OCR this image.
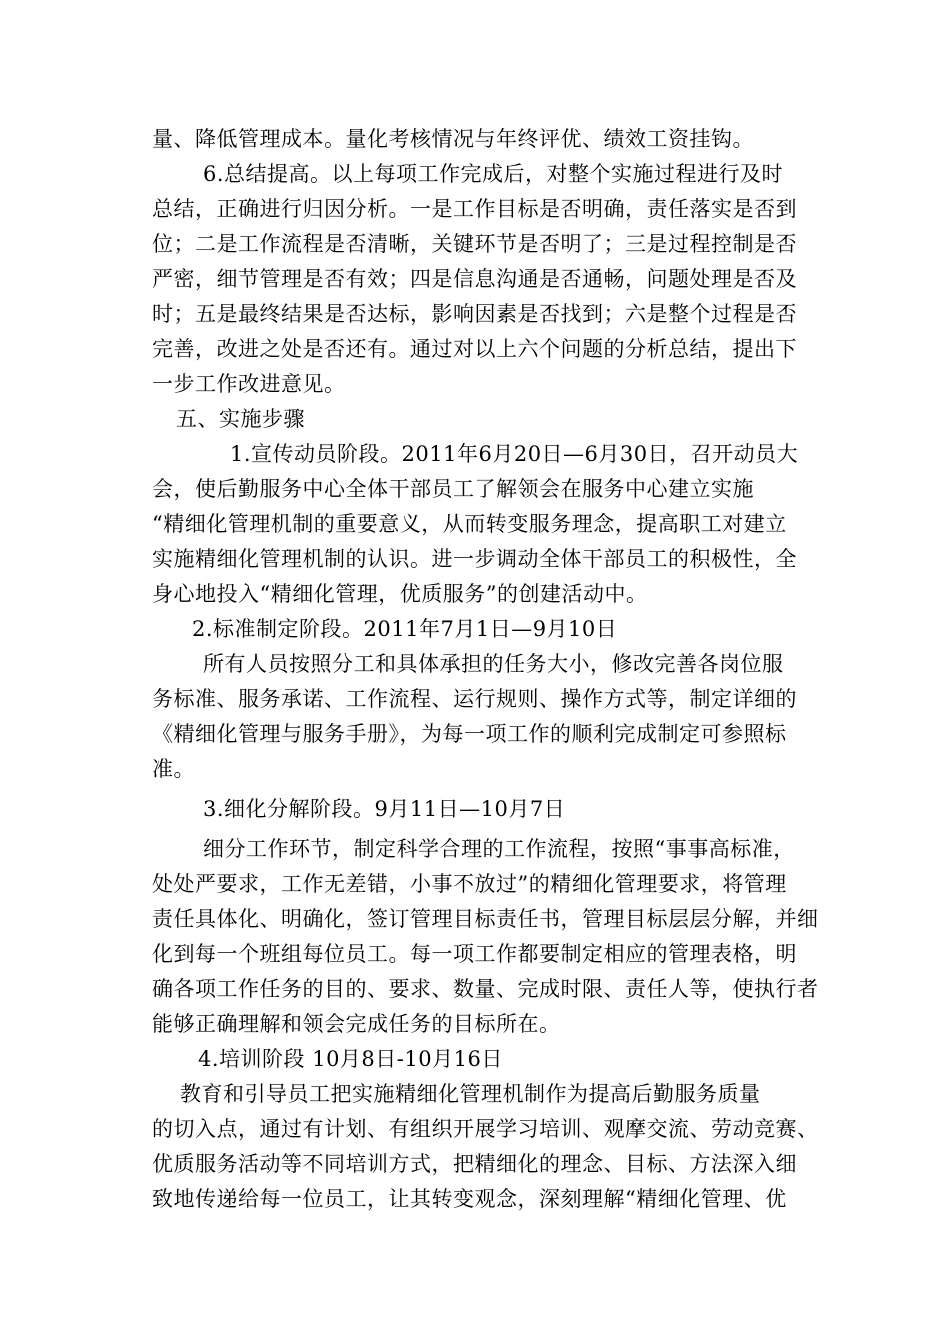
量、降低管理成本。量化考核情况与年终评优、绩效工资挂钩。

6.总结提高。以上每项工作完成后，对整个实施过程进行及时

总结，正确进行归因分析。一是工作目标是否明确，责任落实是否到

位；二是工作流程是否清晰，关键环节是否明了；三是过程控制是否

严密，细节管理是否有效；四是信息沟通是否通畅，问题处理是否及

时；五是最终结果是否达标，影响因素是否找到；六是整个过程是否

完善，改进之处是否还有。通过对以上六个问题的分析总结，提出下

一步工作改进意见。

五、实施步骤

1.宣传动员阶段。2011年6月20日—6月30日，召开动员大

会，使后勤服务中心全体干部员工了解领会在服务中心建立实施

“精细化管理机制的重要意义，从而转变服务理念，提高职工对建立

实施精细化管理机制的认识。进一步调动全体干部员工的积极性，全

身心地投入“精细化管理，优质服务”的创建活动中。

2.标准制定阶段。2011年7月1日—9月10日

所有人员按照分工和具体承担的任务大小，修改完善各岗位服

务标准、服务承诺、工作流程、运行规则、操作方式等，制定详细的

《精细化管理与服务手册》，为每一项工作的顺利完成制定可参照标

准。

3.细化分解阶段。9月11日—10月7日

细分工作环节，制定科学合理的工作流程，按照“事事高标准，

处处严要求，工作无差错，小事不放过”的精细化管理要求，将管理

责任具体化、明确化，签订管理目标责任书，管理目标层层分解，并细

化到每一个班组每位员工。每一项工作都要制定相应的管理表格，明

确各项工作任务的目的、要求、数量、完成时限、责任人等，使执行者

能够正确理解和领会完成任务的目标所在。

4.培训阶段 10月8日-10月16日

教育和引导员工把实施精细化管理机制作为提高后勤服务质量

的切入点，通过有计划、有组织开展学习培训、观摩交流、劳动竞赛、

优质服务活动等不同培训方式，把精细化的理念、目标、方法深入细

致地传递给每一位员工，让其转变观念，深刻理解“精细化管理、优
